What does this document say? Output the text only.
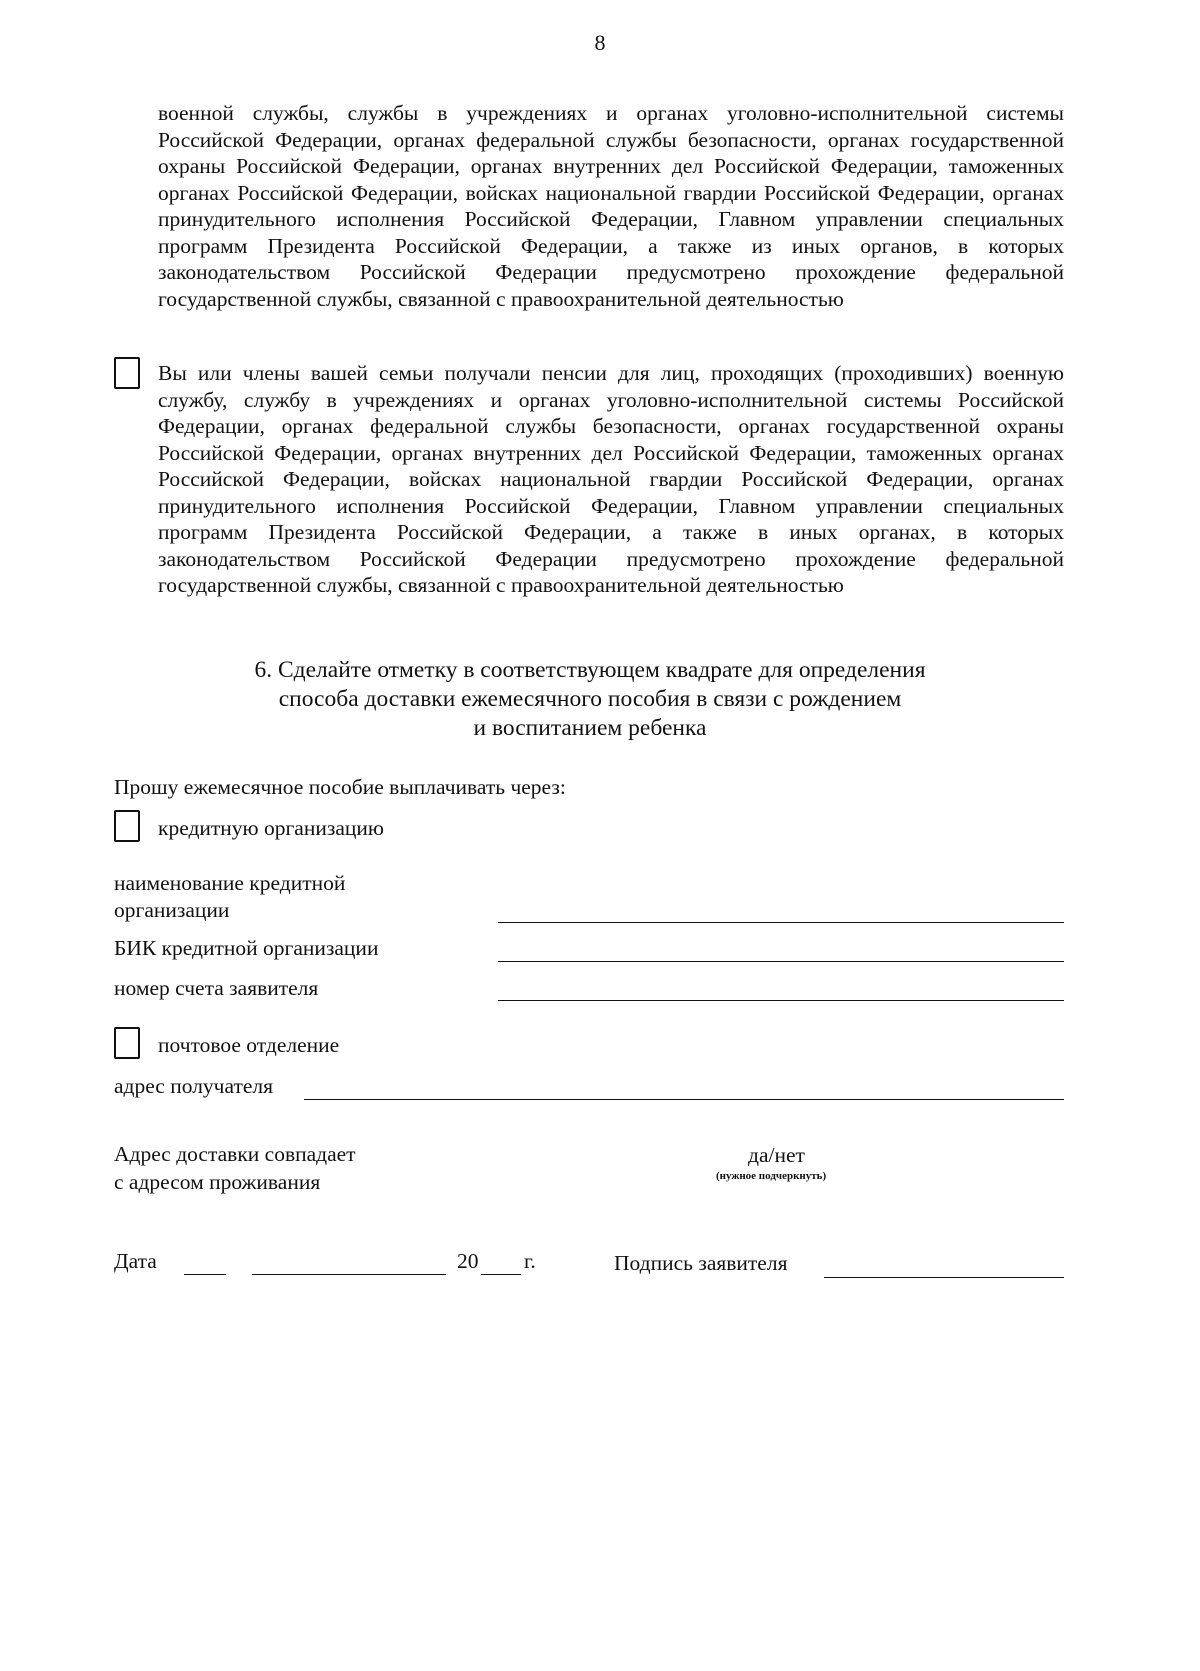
8
военной службы, службы в учреждениях и органах уголовно-исполнительной системы Российской Федерации, органах федеральной службы безопасности, органах государственной охраны Российской Федерации, органах внутренних дел Российской Федерации, таможенных органах Российской Федерации, войсках национальной гвардии Российской Федерации, органах принудительного исполнения Российской Федерации, Главном управлении специальных программ Президента Российской Федерации, а также из иных органов, в которых законодательством Российской Федерации предусмотрено прохождение федеральной государственной службы, связанной с правоохранительной деятельностью
Вы или члены вашей семьи получали пенсии для лиц, проходящих (проходивших) военную службу, службу в учреждениях и органах уголовно-исполнительной системы Российской Федерации, органах федеральной службы безопасности, органах государственной охраны Российской Федерации, органах внутренних дел Российской Федерации, таможенных органах Российской Федерации, войсках национальной гвардии Российской Федерации, органах принудительного исполнения Российской Федерации, Главном управлении специальных программ Президента Российской Федерации, а также в иных органах, в которых законодательством Российской Федерации предусмотрено прохождение федеральной государственной службы, связанной с правоохранительной деятельностью
6. Сделайте отметку в соответствующем квадрате для определения
способа доставки ежемесячного пособия в связи с рождением
и воспитанием ребенка
Прошу ежемесячное пособие выплачивать через:
кредитную организацию
наименование кредитной
организации
БИК кредитной организации
номер счета заявителя
почтовое отделение
адрес получателя
Адрес доставки совпадает
с адресом проживания
да/нет
(нужное подчеркнуть)
Дата	20 г.	Подпись заявителя
